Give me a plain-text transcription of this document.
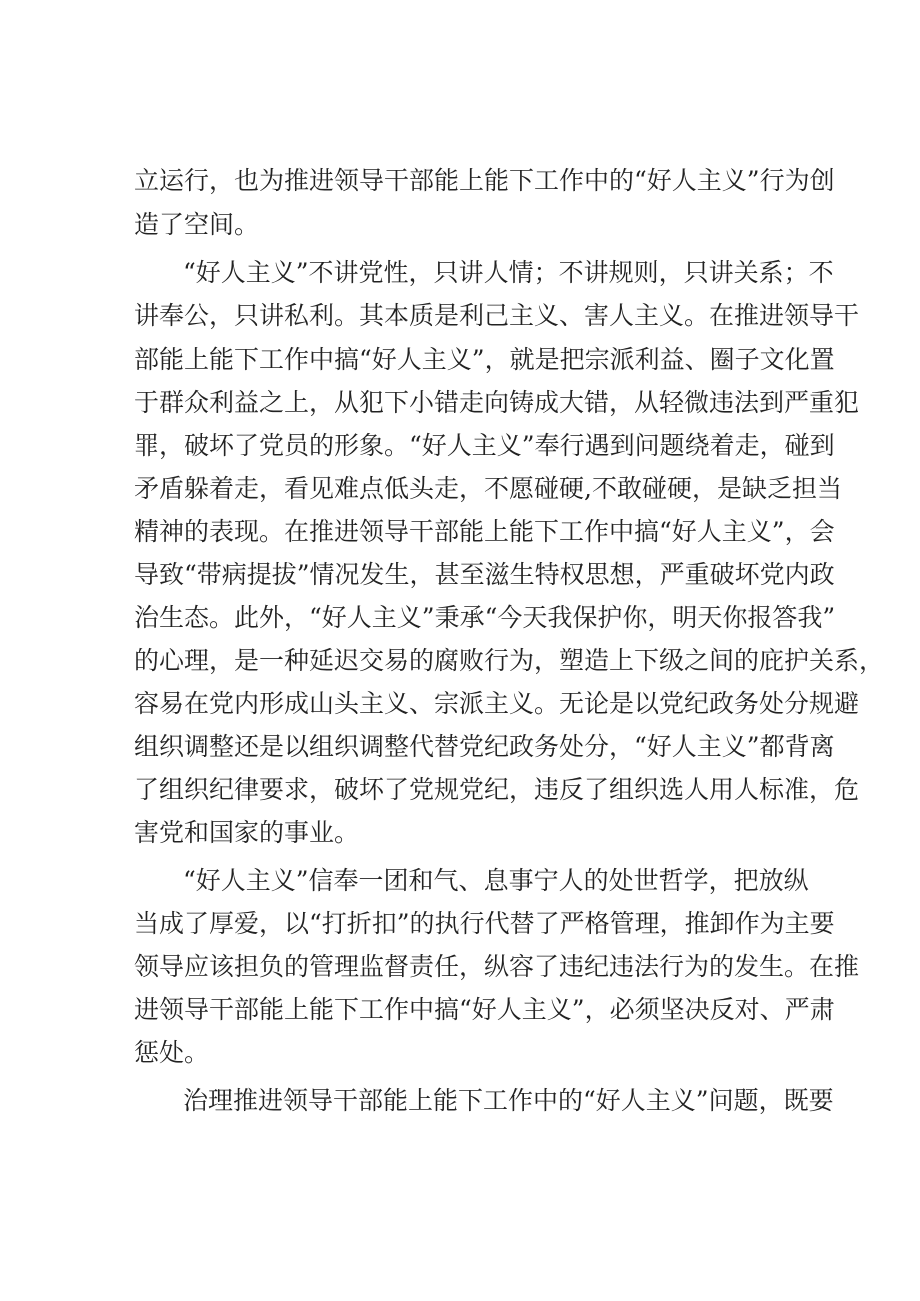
立运行，也为推进领导干部能上能下工作中的“好人主义”行为创
造了空间。
“好人主义”不讲党性，只讲人情；不讲规则，只讲关系；不
讲奉公，只讲私利。其本质是利己主义、害人主义。在推进领导干
部能上能下工作中搞“好人主义”，就是把宗派利益、圈子文化置
于群众利益之上，从犯下小错走向铸成大错，从轻微违法到严重犯
罪，破坏了党员的形象。“好人主义”奉行遇到问题绕着走，碰到
矛盾躲着走，看见难点低头走，不愿碰硬,不敢碰硬，是缺乏担当
精神的表现。在推进领导干部能上能下工作中搞“好人主义”，会
导致“带病提拔”情况发生，甚至滋生特权思想，严重破坏党内政
治生态。此外，“好人主义”秉承“今天我保护你，明天你报答我”
的心理，是一种延迟交易的腐败行为，塑造上下级之间的庇护关系，
容易在党内形成山头主义、宗派主义。无论是以党纪政务处分规避
组织调整还是以组织调整代替党纪政务处分，“好人主义”都背离
了组织纪律要求，破坏了党规党纪，违反了组织选人用人标准，危
害党和国家的事业。
“好人主义”信奉一团和气、息事宁人的处世哲学，把放纵
当成了厚爱，以“打折扣”的执行代替了严格管理，推卸作为主要
领导应该担负的管理监督责任，纵容了违纪违法行为的发生。在推
进领导干部能上能下工作中搞“好人主义”，必须坚决反对、严肃
惩处。
治理推进领导干部能上能下工作中的“好人主义”问题，既要
